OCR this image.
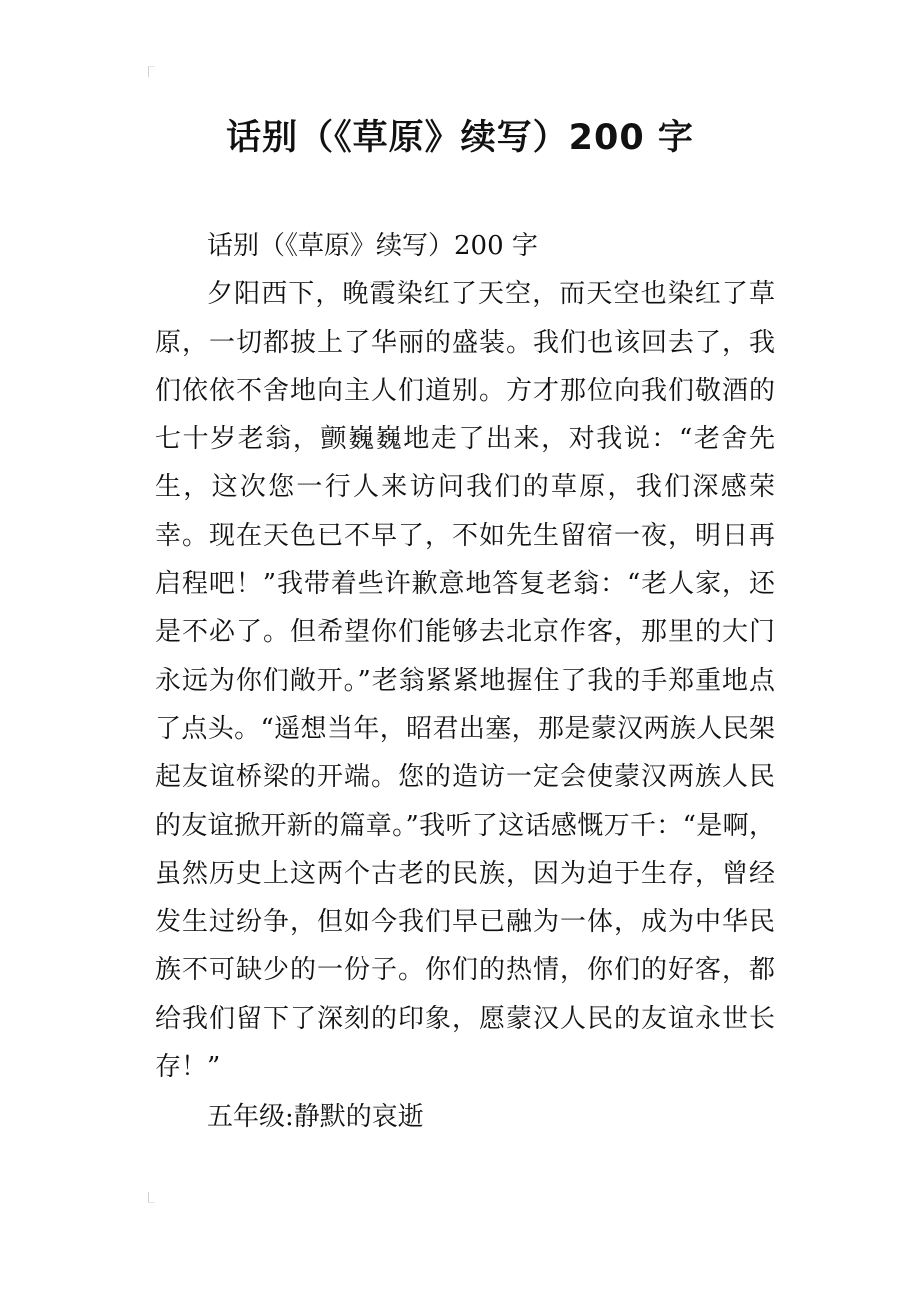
话别（《草原》续写）200 字

话别（《草原》续写）200 字

夕阳西下，晚霞染红了天空，而天空也染红了草原，一切都披上了华丽的盛装。我们也该回去了，我们依依不舍地向主人们道别。方才那位向我们敬酒的七十岁老翁，颤巍巍地走了出来，对我说：“老舍先生，这次您一行人来访问我们的草原，我们深感荣幸。现在天色已不早了，不如先生留宿一夜，明日再启程吧！”我带着些许歉意地答复老翁：“老人家，还是不必了。但希望你们能够去北京作客，那里的大门永远为你们敞开。”老翁紧紧地握住了我的手郑重地点了点头。“遥想当年，昭君出塞，那是蒙汉两族人民架起友谊桥梁的开端。您的造访一定会使蒙汉两族人民的友谊掀开新的篇章。”我听了这话感慨万千：“是啊，虽然历史上这两个古老的民族，因为迫于生存，曾经发生过纷争，但如今我们早已融为一体，成为中华民族不可缺少的一份子。你们的热情，你们的好客，都给我们留下了深刻的印象，愿蒙汉人民的友谊永世长存！”

五年级:静默的哀逝
